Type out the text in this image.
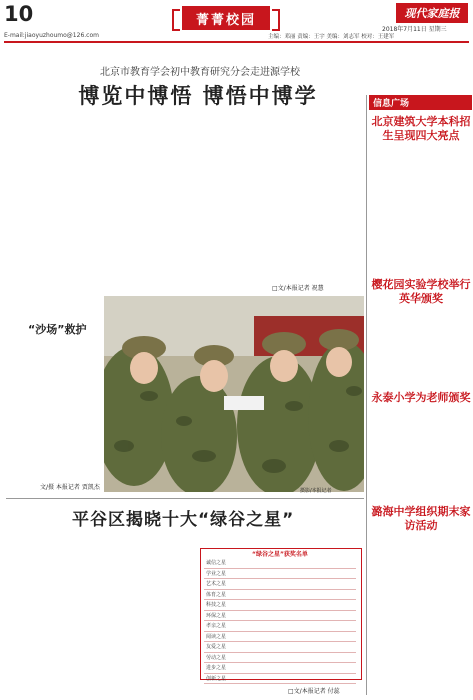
10
E-mail:jiaoyuzhoumo@126.com
菁菁校园	现代家庭报
2018年7月11日 星期三
主编：邓丽 责编：王宇 美编：刘志军 校对：王建军
北京市教育学会初中教育研究分会走进源学校
博览中博悟 博悟中博学
□文/本报记者 祝慧
信息广场
北京建筑大学本科招生呈现四大亮点
樱花园实验学校举行英华颁奖
永泰小学为老师颁奖
潞海中学组织期末家访活动
“沙场”救护
文/摄 本报记者 贾凯杰	摄影/本报记者
平谷区揭晓十大“绿谷之星”
“绿谷之星”获奖名单
诚信之星		
学业之星		
艺术之星		
体育之星		
科技之星		
环保之星		
孝亲之星		
阅读之星		
友爱之星		
劳动之星		
进步之星		
创新之星		
□文/本报记者 付蕊
